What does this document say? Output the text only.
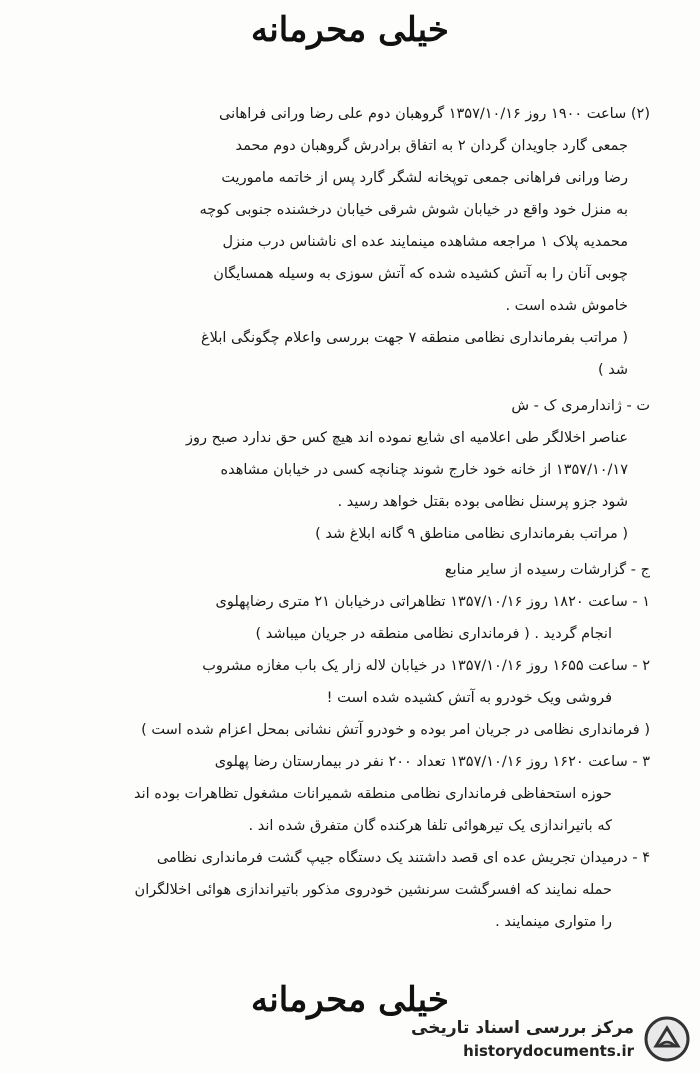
خیلی محرمانه
(۲) ساعت ۱۹۰۰ روز ۱۳۵۷/۱۰/۱۶ گروهبان دوم علی رضا ورانی فراهانی
جمعی گارد جاویدان گردان ۲ به اتفاق برادرش گروهبان دوم محمد
رضا ورانی فراهانی جمعی توپخانه لشگر گارد پس از خاتمه ماموریت
به منزل خود واقع در خیابان شوش شرقی خیابان درخشنده جنوبی کوچه
محمدیه پلاک ۱ مراجعه مشاهده مینمایند عده ای ناشناس درب منزل
چوبی آنان را به آتش کشیده شده که آتش سوزی به وسیله همسایگان
خاموش شده است .
( مراتب بفرمانداری نظامی منطقه ۷ جهت بررسی واعلام چگونگی ابلاغ
شد )
ت - ژاندارمری ک - ش
عناصر اخلالگر طی اعلامیه ای شایع نموده اند هیچ کس حق ندارد صبح روز
۱۳۵۷/۱۰/۱۷ از خانه خود خارج شوند چنانچه کسی در خیابان مشاهده
شود جزو پرسنل نظامی بوده بقتل خواهد رسید .
( مراتب بفرمانداری نظامی مناطق ۹ گانه ابلاغ شد )
ج - گزارشات رسیده از سایر منابع
۱ - ساعت ۱۸۲۰ روز ۱۳۵۷/۱۰/۱۶ تظاهراتی درخیابان ۲۱ متری رضاپهلوی
انجام گردید . ( فرمانداری نظامی منطقه در جریان میباشد )
۲ - ساعت ۱۶۵۵ روز ۱۳۵۷/۱۰/۱۶ در خیابان لاله زار یک باب مغازه مشروب
فروشی ویک خودرو به آتش کشیده شده است !
( فرمانداری نظامی در جریان امر بوده و خودرو آتش نشانی بمحل اعزام شده است )
۳ - ساعت ۱۶۲۰ روز ۱۳۵۷/۱۰/۱۶ تعداد ۲۰۰ نفر در بیمارستان رضا پهلوی
حوزه استحفاظی فرمانداری نظامی منطقه شمیرانات مشغول تظاهرات بوده اند
که باتیراندازی یک تیرهوائی تلفا هرکنده گان متفرق شده اند .
۴ - درمیدان تجریش عده ای قصد داشتند یک دستگاه جیپ گشت فرمانداری نظامی
حمله نمایند که افسرگشت سرنشین خودروی مذکور باتیراندازی هوائی اخلالگران
را متواری مینمایند .
خیلی محرمانه
مرکز بررسی اسناد تاریخی
historydocuments.ir
